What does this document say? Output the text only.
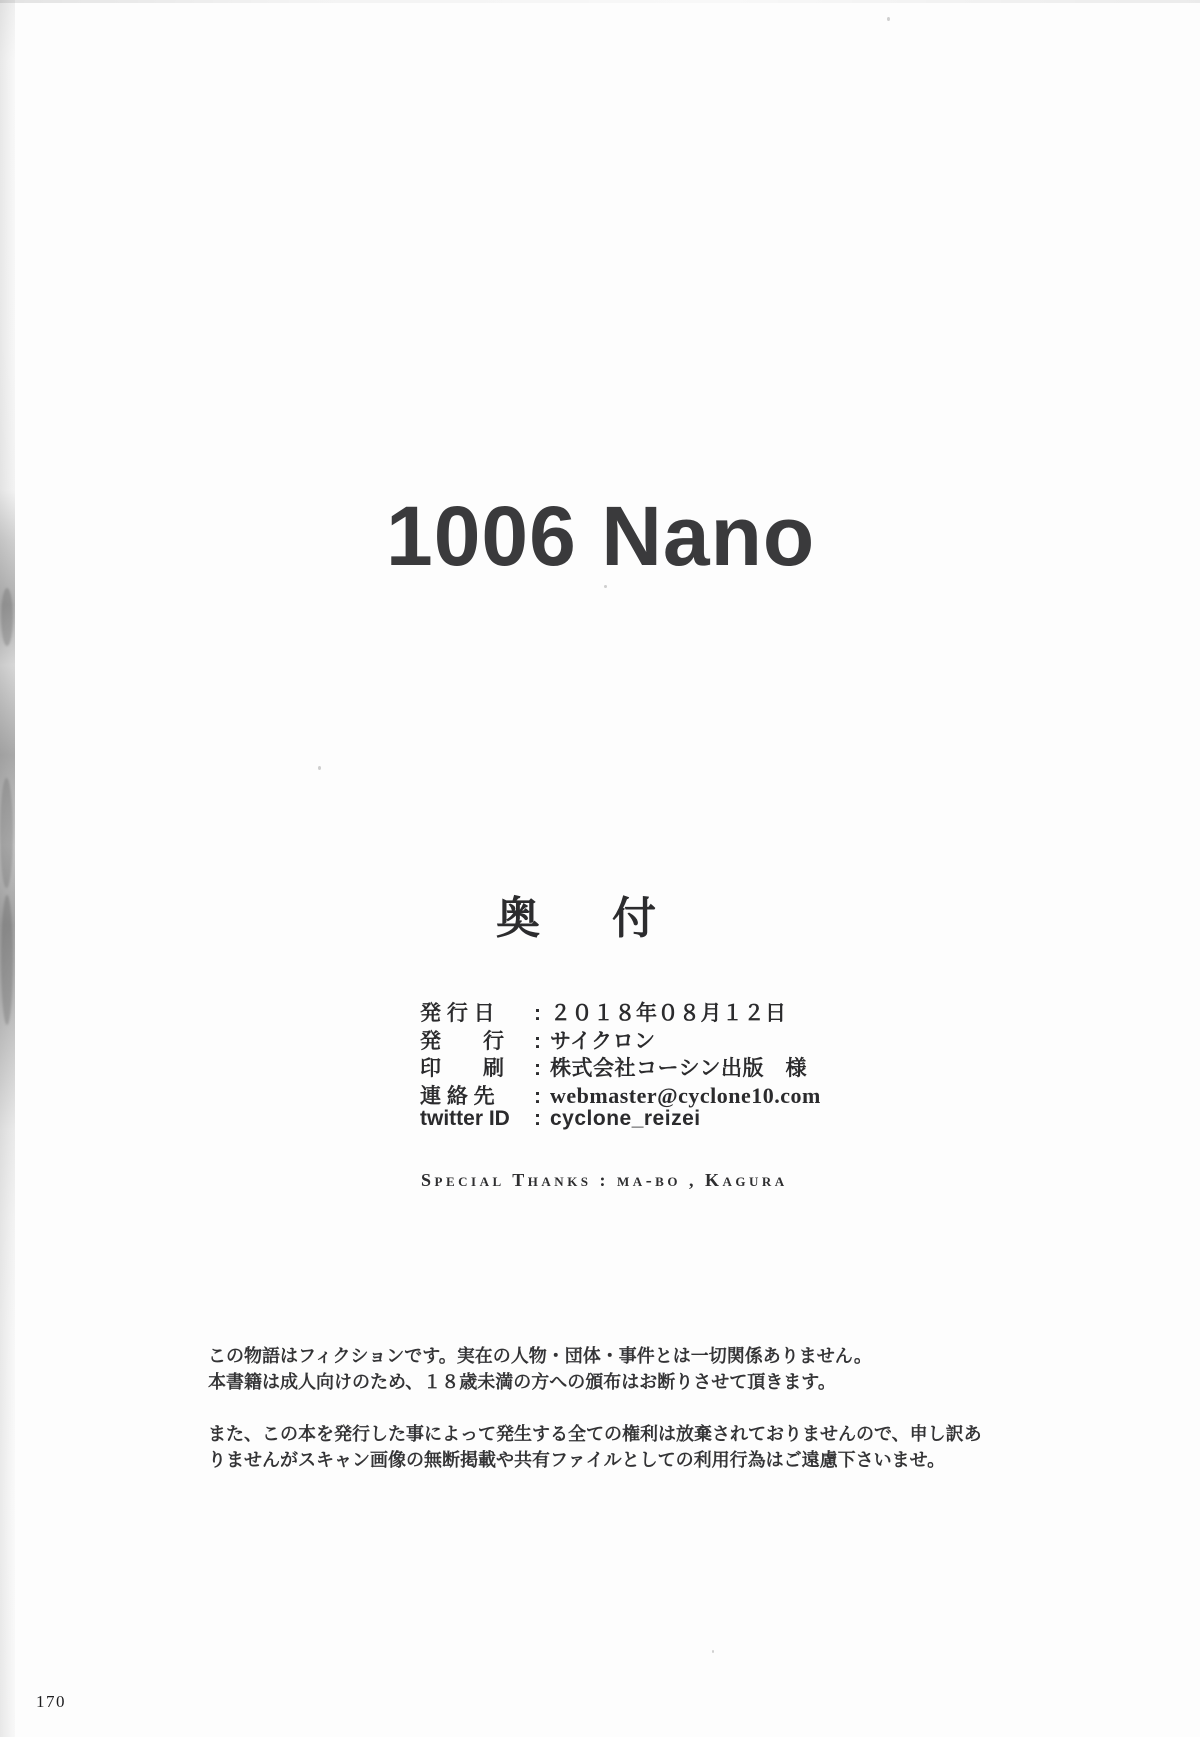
1006 Nano
奥　付
発 行 日	: ２０１８年０８月１２日
発　　行	: サイクロン
印　　刷	: 株式会社コーシン出版　様
連 絡 先	: webmaster@cyclone10.com
twitter ID	: cyclone_reizei
Special Thanks : ma-bo , Kagura
この物語はフィクションです。実在の人物・団体・事件とは一切関係ありません。
本書籍は成人向けのため、１８歳未満の方への頒布はお断りさせて頂きます。
また、この本を発行した事によって発生する全ての権利は放棄されておりませんので、申し訳あ
りませんがスキャン画像の無断掲載や共有ファイルとしての利用行為はご遠慮下さいませ。
170
